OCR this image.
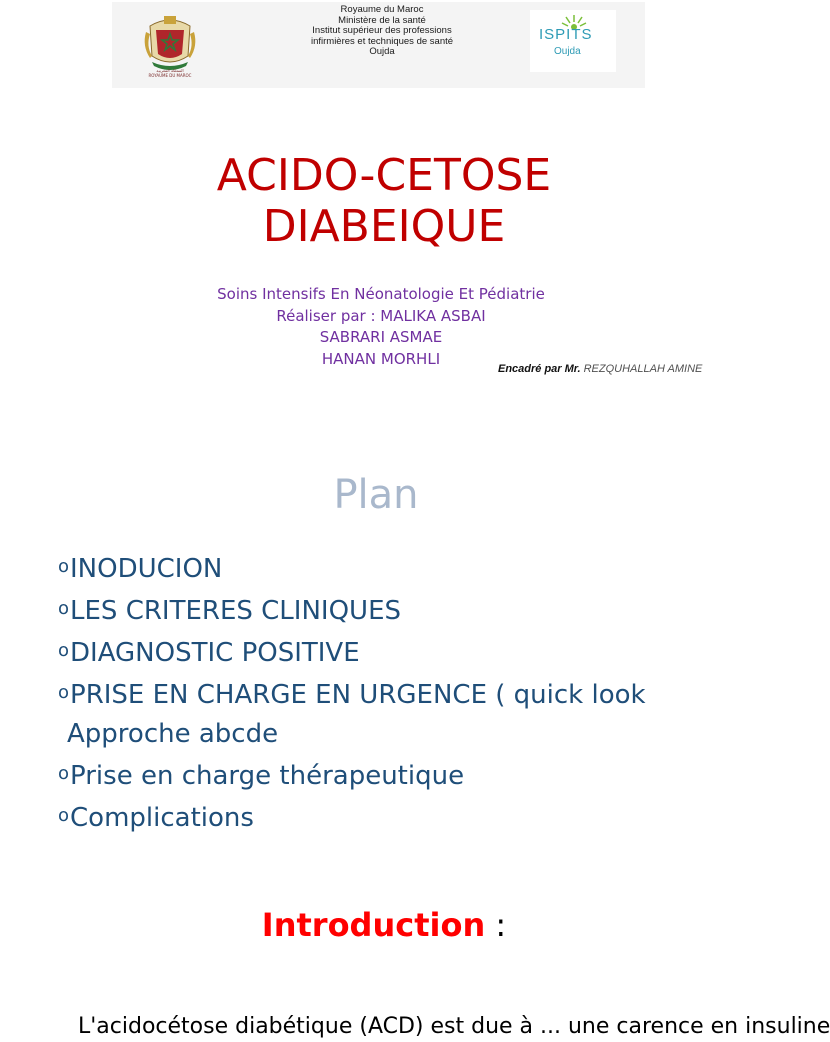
المملكة المغربية
ROYAUME DU MAROC
Royaume du Maroc
Ministère de la santé
Institut supérieur des professions
infirmières et techniques de santé
Oujda
ISPITS
Oujda
ACIDO-CETOSE
DIABEIQUE
Soins Intensifs En Néonatologie Et Pédiatrie
Réaliser par : MALIKA ASBAI
SABRARI ASMAE
HANAN MORHLI
Encadré par Mr. REZQUHALLAH AMINE
Plan
oINODUCION
oLES CRITERES CLINIQUES
oDIAGNOSTIC POSITIVE
oPRISE EN CHARGE EN URGENCE ( quick look
Approche abcde
oPrise en charge thérapeutique
oComplications
Introduction :
L'acidocétose diabétique (ACD) est due à ... une carence en insuline
